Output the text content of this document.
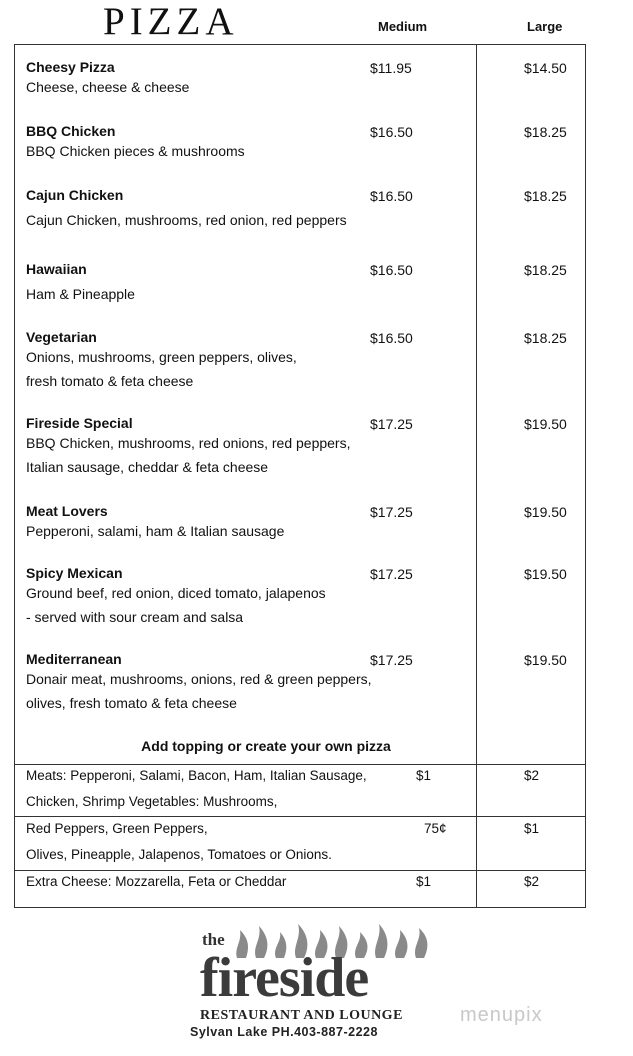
PIZZA	Medium	Large
Cheesy Pizza
Cheese, cheese & cheese
$11.95	$14.50
BBQ Chicken
BBQ Chicken pieces & mushrooms
$16.50	$18.25
Cajun Chicken
Cajun Chicken, mushrooms, red onion, red peppers
$16.50	$18.25
Hawaiian
Ham & Pineapple
$16.50	$18.25
Vegetarian
Onions, mushrooms, green peppers, olives,
fresh tomato & feta cheese
$16.50	$18.25
Fireside Special
BBQ Chicken, mushrooms, red onions, red peppers,
Italian sausage, cheddar & feta cheese
$17.25	$19.50
Meat Lovers
Pepperoni, salami, ham & Italian sausage
$17.25	$19.50
Spicy Mexican
Ground beef, red onion, diced tomato, jalapenos
- served with sour cream and salsa
$17.25	$19.50
Mediterranean
Donair meat, mushrooms, onions, red & green peppers,
olives, fresh tomato & feta cheese
$17.25	$19.50
Add topping or create your own pizza
Meats: Pepperoni, Salami, Bacon, Ham, Italian Sausage,
Chicken, Shrimp Vegetables: Mushrooms,
$1	$2
Red Peppers, Green Peppers,
Olives, Pineapple, Jalapenos, Tomatoes or Onions.
75¢	$1
Extra Cheese: Mozzarella, Feta or Cheddar	$1	$2
the
fireside
RESTAURANT AND LOUNGE
Sylvan Lake PH.403-887-2228
menupix
